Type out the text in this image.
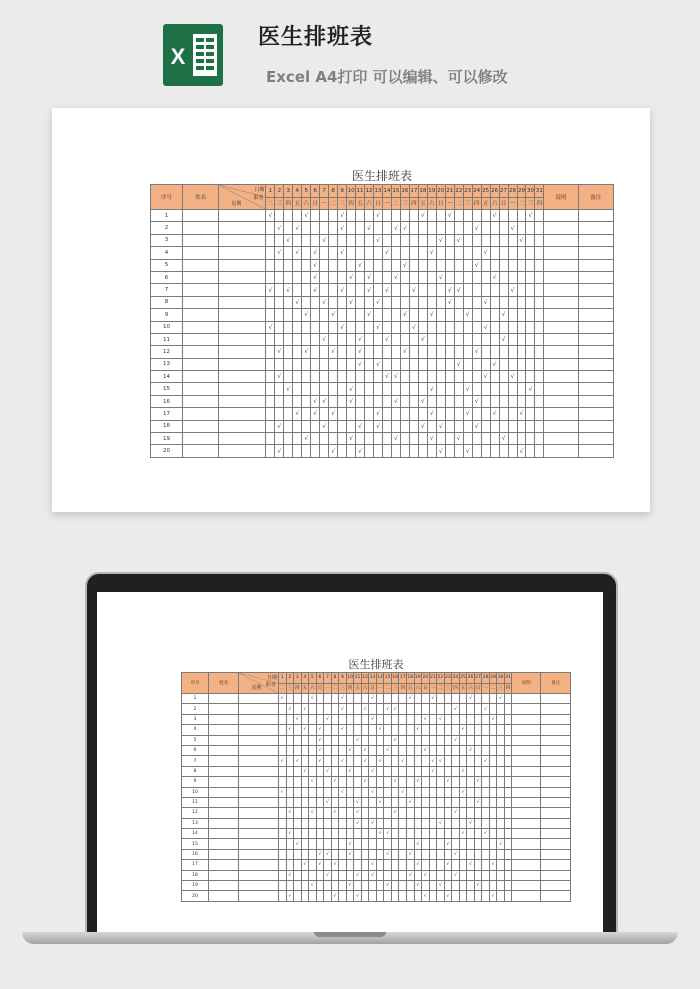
X
医生排班表
Excel A4打印 可以编辑、可以修改
医生排班表
序号	姓名	日期
职务
星期	1	2	3	4	5	6	7	8	9	10	11	12	13	14	15	16	17	18	19	20	21	22	23	24	25	26	27	28	29	30	31	说明	备注
			二	三	四	五	六	日	一	二	三	四	五	六	日	一	二	三	四	五	六	日	一	二	三	四	五	六	日	一	二	三	四		
1			√				√				√				√					√			√					√				√			
2				√		√					√			√			√	√								√				√					
3					√				√						√							√		√							√				
4				√		√		√			√					√					√						√								
5								√					√					√								√									
6								√				√		√			√					√						√							
7			√		√			√			√			√		√			√				√	√						√					
8						√			√			√			√								√				√								
9							√			√				√				√			√				√				√						
10			√								√				√				√								√								
11									√				√			√				√									√						
12				√			√			√			√					√								√									
13													√		√									√				√							
14				√												√	√										√			√					
15					√							√									√				√							√			
16								√	√			√					√			√						√									
17						√		√		√					√						√				√			√			√				
18				√					√				√		√					√		√				√									
19							√					√					√				√			√					√						
20				√						√			√									√			√						√				
医生排班表
序号	姓名	日期
职务
星期	1	2	3	4	5	6	7	8	9	10	11	12	13	14	15	16	17	18	19	20	21	22	23	24	25	26	27	28	29	30	31	说明	备注
			二	三	四	五	六	日	一	二	三	四	五	六	日	一	二	三	四	五	六	日	一	二	三	四	五	六	日	一	二	三	四		
1			√				√				√				√					√			√					√				√			
2				√		√					√			√			√	√								√				√					
3					√				√						√							√		√							√				
4				√		√		√			√					√					√						√								
5								√					√					√								√									
6								√				√		√			√					√						√							
7			√		√			√			√			√		√			√				√	√						√					
8						√			√			√			√								√				√								
9							√			√				√				√			√				√				√						
10			√								√				√				√								√								
11									√				√			√				√									√						
12				√			√			√			√					√								√									
13													√		√									√				√							
14				√												√	√										√			√					
15					√							√									√				√							√			
16								√	√			√					√			√						√									
17						√		√		√					√						√				√			√			√				
18				√					√				√		√					√		√				√									
19							√					√					√				√			√					√						
20				√						√			√									√			√						√				
蒂鸟图库
